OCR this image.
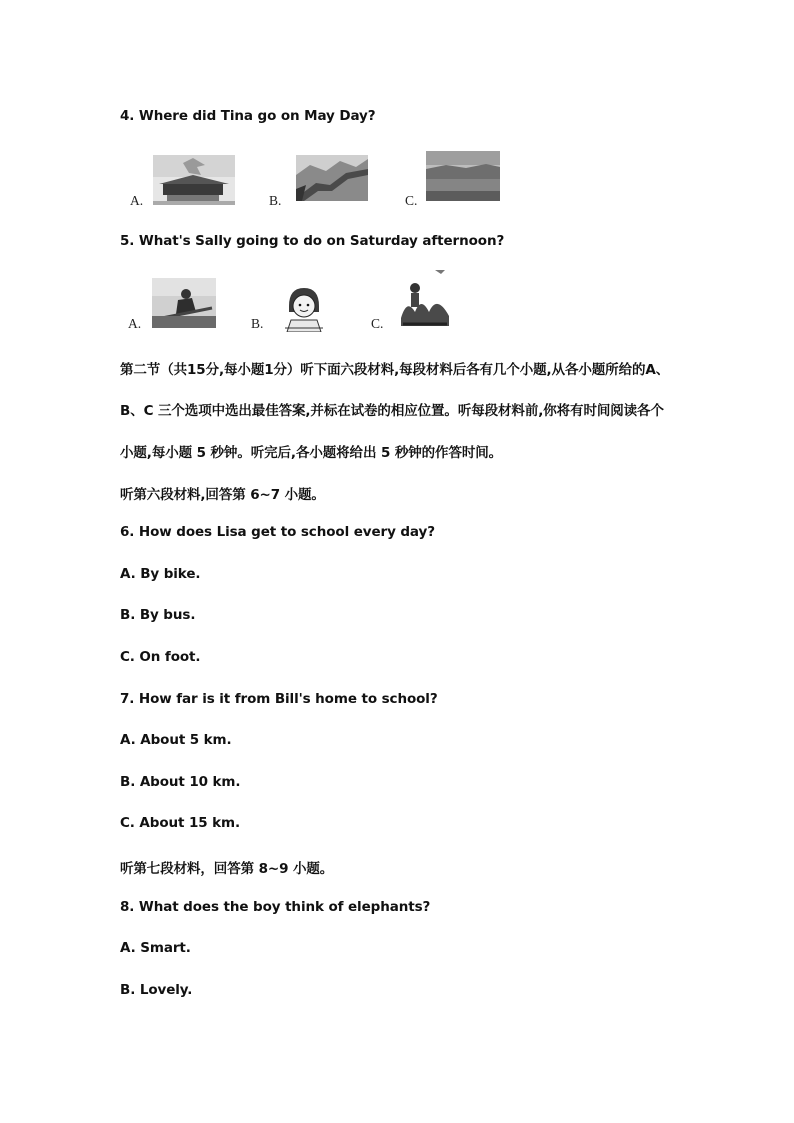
4. Where did Tina go on May Day?
A.	B.	C.
5. What's Sally going to do on Saturday afternoon?
A.	B.	C.
第二节（共15分,每小题1分）听下面六段材料,每段材料后各有几个小题,从各小题所给的A、
B、C 三个选项中选出最佳答案,并标在试卷的相应位置。听每段材料前,你将有时间阅读各个
小题,每小题 5 秒钟。听完后,各小题将给出 5 秒钟的作答时间。
听第六段材料,回答第 6~7 小题。
6. How does Lisa get to school every day?
A. By bike.
B. By bus.
C. On foot.
7. How far is it from Bill's home to school?
A. About 5 km.
B. About 10 km.
C. About 15 km.
听第七段材料，回答第 8~9 小题。
8. What does the boy think of elephants?
A. Smart.
B. Lovely.
